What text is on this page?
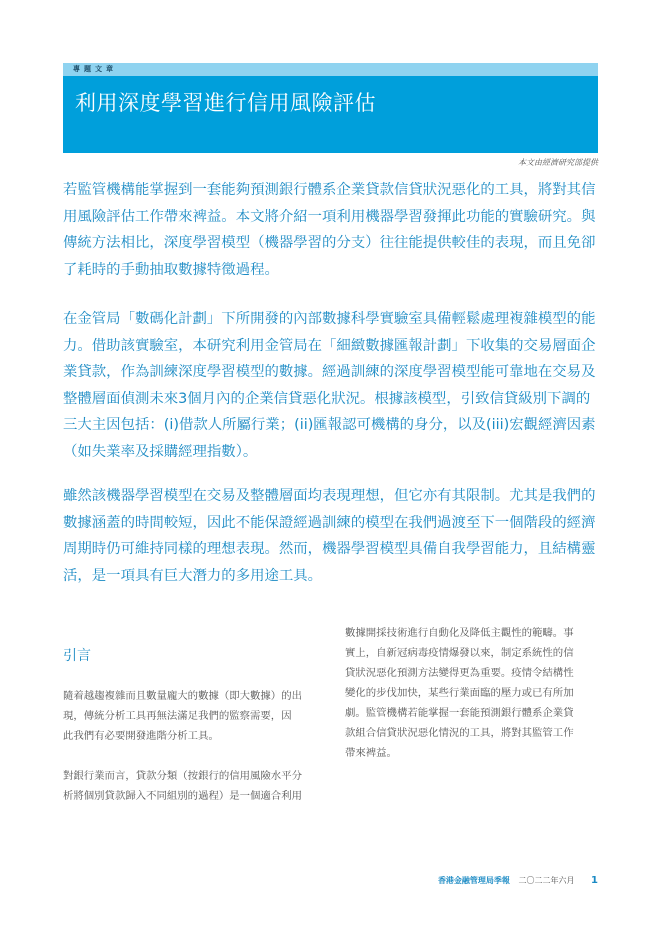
專題文章
利用深度學習進行信用風險評估
本文由經濟研究部提供
若監管機構能掌握到一套能夠預測銀行體系企業貸款信貸狀況惡化的工具，將對其信
用風險評估工作帶來裨益。本文將介紹一項利用機器學習發揮此功能的實驗研究。與
傳統方法相比，深度學習模型（機器學習的分支）往往能提供較佳的表現，而且免卻
了耗時的手動抽取數據特徵過程。
在金管局「數碼化計劃」下所開發的內部數據科學實驗室具備輕鬆處理複雜模型的能
力。借助該實驗室，本研究利用金管局在「細緻數據匯報計劃」下收集的交易層面企
業貸款，作為訓練深度學習模型的數據。經過訓練的深度學習模型能可靠地在交易及
整體層面偵測未來3個月內的企業信貸惡化狀況。根據該模型，引致信貸級別下調的
三大主因包括：(i)借款人所屬行業；(ii)匯報認可機構的身分，以及(iii)宏觀經濟因素
（如失業率及採購經理指數）。
雖然該機器學習模型在交易及整體層面均表現理想，但它亦有其限制。尤其是我們的
數據涵蓋的時間較短，因此不能保證經過訓練的模型在我們過渡至下一個階段的經濟
周期時仍可維持同樣的理想表現。然而，機器學習模型具備自我學習能力，且結構靈
活，是一項具有巨大潛力的多用途工具。
引言
隨着越趨複雜而且數量龐大的數據（即大數據）的出
現，傳統分析工具再無法滿足我們的監察需要，因
此我們有必要開發進階分析工具。
對銀行業而言，貸款分類（按銀行的信用風險水平分
析將個別貸款歸入不同組別的過程）是一個適合利用
數據開採技術進行自動化及降低主觀性的範疇。事
實上，自新冠病毒疫情爆發以來，制定系統性的信
貸狀況惡化預測方法變得更為重要。疫情令結構性
變化的步伐加快，某些行業面臨的壓力或已有所加
劇。監管機構若能掌握一套能預測銀行體系企業貸
款組合信貸狀況惡化情況的工具，將對其監管工作
帶來裨益。
香港金融管理局季報 二〇二二年六月 1
